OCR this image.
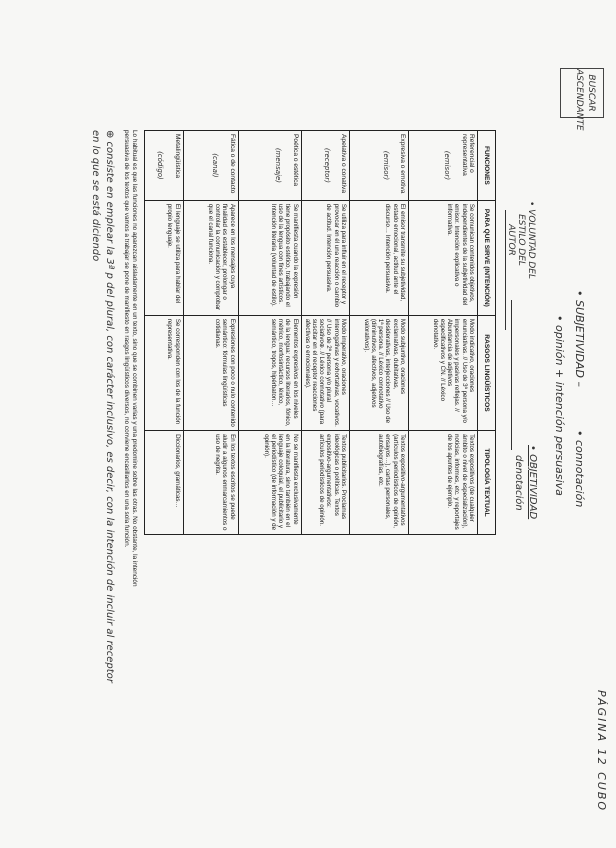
PÁGINA 12 CUBO
BUSCAR ASCENDANTE
• SUBJETIVIDAD –
• connotación
• opinión + intención persuasiva
• OBJETIVIDAD
denotación
• VOLUNTAD DEL ESTILO DEL AUTOR
FUNCIONES	PARA QUE SIRVE (INTENCIÓN)	RASGOS LINGÜÍSTICOS	TIPOLOGÍA TEXTUAL
Referencial o representativa
(emisor)	Se comunican contenidos objetivos, independientes de la subjetividad del emisor. Intención explicativa o informativa.	Modo indicativo, oraciones enunciativas. // Uso de 3ª persona y/o impersonales y pasivas reflejas. // Abundancia de adjetivos especificativos y CN. // Léxico denotativo.	Textos expositivos (de cualquier ámbito o nivel de especialización), noticias, informes, etc. y reportajes de los apuntes de ejemplo.
Expresiva o emotiva
(emisor)	El emisor transmite su subjetividad, estado emocional, actitud ante el discurso… Intención persuasiva.	Modo subjuntivo, oraciones exclamativas, dubitativas, desiderativas, interjecciones // Uso de 1ª persona. // Léxico connotativo (diminutivos, afectivos, adjetivos valorativos).	Textos expositivo-argumentativos (artículos periodísticos de opinión, ensayos…), cartas personales, autobiografías, etc.
Apelativa o conativa
(receptor)	Se utiliza para influir en el receptor y provocar en él una reacción o cambio de actitud. Intención persuasiva.	Modo imperativo, oraciones interrogativas y exhortativas, vocativos. // Uso de 2ª persona y/o plural sociativo⊕. // Léxico connotativo (para suscitar en el receptor reacciones afectivas o emocionales).	Textos publicitarios. Proclamas ideológicas o políticas. Textos expositivo-argumentativos: artículos periodísticos de opinión.
Poética o estética
(mensaje)	Se manifiesta cuando la expresión tiene propósito estético, trabajando el uso de la lengua con fines artísticos. Intención literaria (voluntad de estilo).	Elementos expresivos en los niveles de la lengua: recursos literarios, fónico, métrico, morfosintáctico, léxico, semántico, tropos, hipérbaton…	No se manifiesta exclusivamente en la literatura, sino también en el lenguaje coloquial, el publicitario y el periodístico (de información y de opinión).
Fática o de contacto
(canal)	Aparece en los mensajes cuya finalidad es establecer, prolongar o controlar la comunicación y comprobar que el canal funciona.	Expresiones con poco o nulo contenido semántico: fórmulas lingüísticas cotidianas.	En los textos escritos se puede aludir a algunos enmarcamientos o uso de negrita.
Metalingüística
(código)	El lenguaje se utiliza para hablar del propio lenguaje.	Se corresponden con los de la función representativa.	Diccionarios, gramáticas…
Lo habitual es que las funciones no aparezcan aisladamente en un texto, sino que se combinen varias y una predomine sobre las otras. No obstante, la intención persuasiva de los textos que vamos a trabajar se pone de manifiesto en rasgos lingüísticos diversos, no conviene encasillarlos en una sola función.
⊕ consiste en emplear la 3ª p del plural, con carácter inclusivo, es decir, con la intención de incluir al receptor en lo que se está diciendo
